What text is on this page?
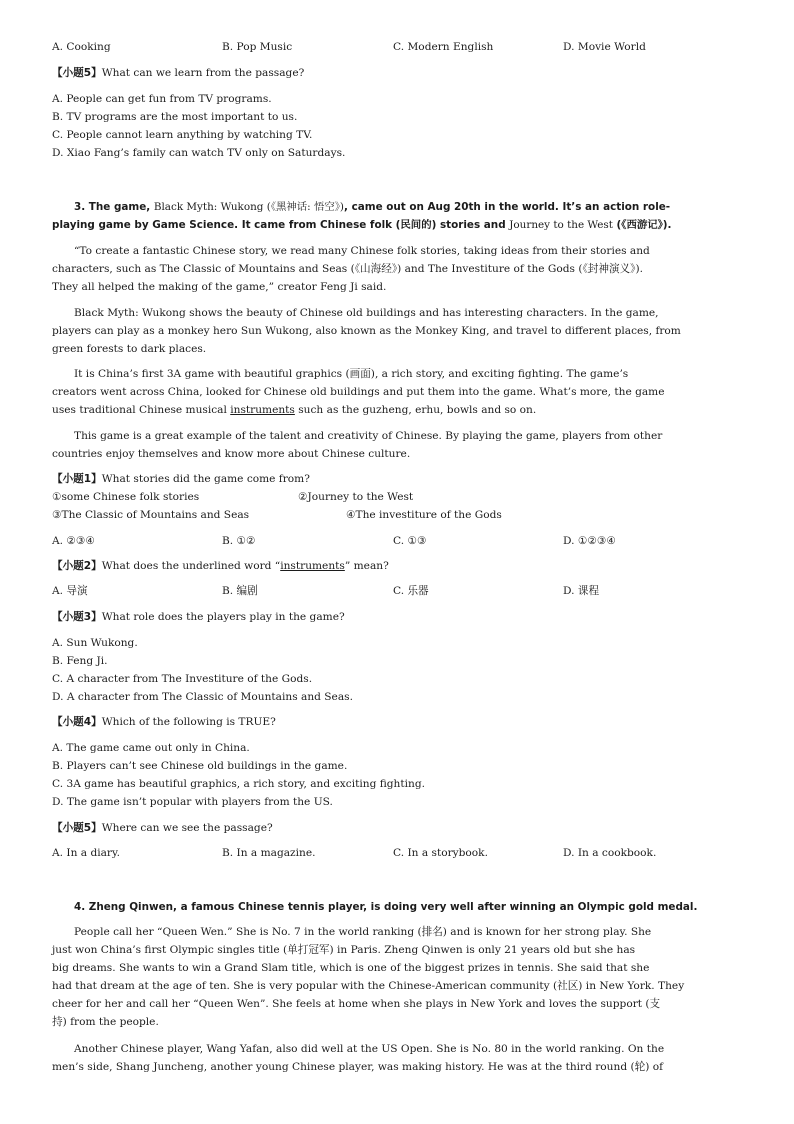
A. Cooking	B. Pop Music	C. Modern English	D. Movie World
【小题5】What can we learn from the passage?
A. People can get fun from TV programs.
B. TV programs are the most important to us.
C. People cannot learn anything by watching TV.
D. Xiao Fang’s family can watch TV only on Saturdays.
3. The game, Black Myth: Wukong (《黑神话: 悟空》), came out on Aug 20th in the world. It’s an action role-
playing game by Game Science. It came from Chinese folk (民间的) stories and Journey to the West (《西游记》).
“To create a fantastic Chinese story, we read many Chinese folk stories, taking ideas from their stories and
characters, such as The Classic of Mountains and Seas (《山海经》) and The Investiture of the Gods (《封神演义》).
They all helped the making of the game,” creator Feng Ji said.
Black Myth: Wukong shows the beauty of Chinese old buildings and has interesting characters. In the game,
players can play as a monkey hero Sun Wukong, also known as the Monkey King, and travel to different places, from
green forests to dark places.
It is China’s first 3A game with beautiful graphics (画面), a rich story, and exciting fighting. The game’s
creators went across China, looked for Chinese old buildings and put them into the game. What’s more, the game
uses traditional Chinese musical instruments such as the guzheng, erhu, bowls and so on.
This game is a great example of the talent and creativity of Chinese. By playing the game, players from other
countries enjoy themselves and know more about Chinese culture.
【小题1】What stories did the game come from?
①some Chinese folk stories	②Journey to the West
③The Classic of Mountains and Seas	④The investiture of the Gods
A. ②③④	B. ①②	C. ①③	D. ①②③④
【小题2】What does the underlined word “instruments” mean?
A. 导演	B. 编剧	C. 乐器	D. 课程
【小题3】What role does the players play in the game?
A. Sun Wukong.
B. Feng Ji.
C. A character from The Investiture of the Gods.
D. A character from The Classic of Mountains and Seas.
【小题4】Which of the following is TRUE?
A. The game came out only in China.
B. Players can’t see Chinese old buildings in the game.
C. 3A game has beautiful graphics, a rich story, and exciting fighting.
D. The game isn’t popular with players from the US.
【小题5】Where can we see the passage?
A. In a diary.	B. In a magazine.	C. In a storybook.	D. In a cookbook.
4. Zheng Qinwen, a famous Chinese tennis player, is doing very well after winning an Olympic gold medal.
People call her “Queen Wen.” She is No. 7 in the world ranking (排名) and is known for her strong play. She
just won China’s first Olympic singles title (单打冠军) in Paris. Zheng Qinwen is only 21 years old but she has
big dreams. She wants to win a Grand Slam title, which is one of the biggest prizes in tennis. She said that she
had that dream at the age of ten. She is very popular with the Chinese-American community (社区) in New York. They
cheer for her and call her “Queen Wen”. She feels at home when she plays in New York and loves the support (支
持) from the people.
Another Chinese player, Wang Yafan, also did well at the US Open. She is No. 80 in the world ranking. On the
men’s side, Shang Juncheng, another young Chinese player, was making history. He was at the third round (轮) of
